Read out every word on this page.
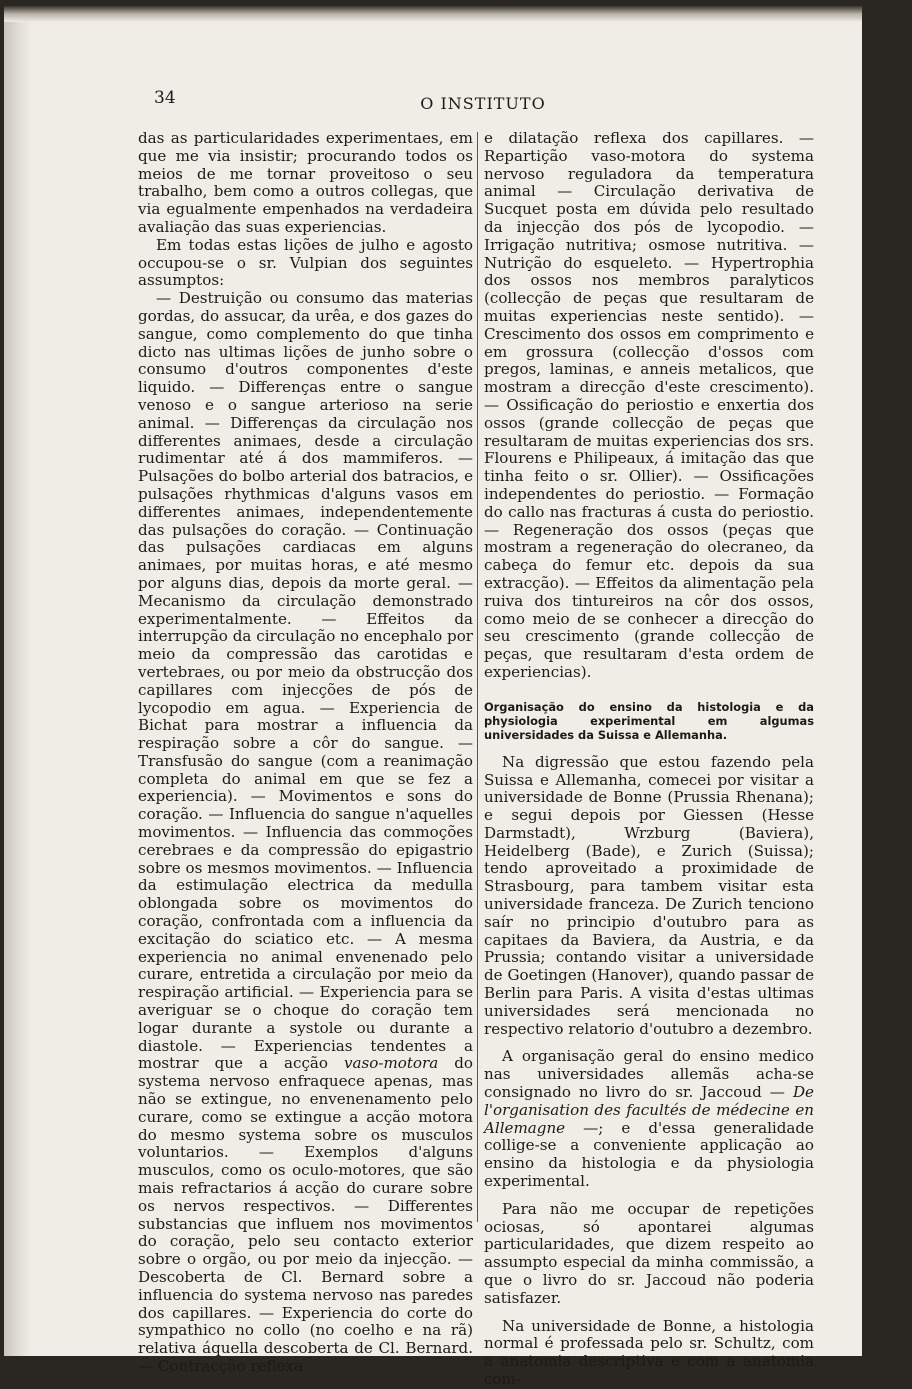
34	O INSTITUTO

das as particularidades experimentaes, em que me via insistir; procurando todos os meios de me tornar proveitoso o seu trabalho, bem como a outros collegas, que via egualmente empenhados na verdadeira avaliação das suas experiencias.

Em todas estas lições de julho e agosto occupou-se o sr. Vulpian dos seguintes assumptos:

— Destruição ou consumo das materias gordas, do assucar, da urêa, e dos gazes do sangue, como complemento do que tinha dicto nas ultimas lições de junho sobre o consumo d'outros componentes d'este liquido. — Differenças entre o sangue venoso e o sangue arterioso na serie animal. — Differenças da circulação nos differentes animaes, desde a circulação rudimentar até á dos mammiferos. — Pulsações do bolbo arterial dos batracios, e pulsações rhythmicas d'alguns vasos em differentes animaes, independentemente das pulsações do coração. — Continuação das pulsações cardiacas em alguns animaes, por muitas horas, e até mesmo por alguns dias, depois da morte geral. — Mecanismo da circulação demonstrado experimentalmente. — Effeitos da interrupção da circulação no encephalo por meio da compressão das carotidas e vertebraes, ou por meio da obstrucção dos capillares com injecções de pós de lycopodio em agua. — Experiencia de Bichat para mostrar a influencia da respiração sobre a côr do sangue. — Transfusão do sangue (com a reanimação completa do animal em que se fez a experiencia). — Movimentos e sons do coração. — Influencia do sangue n'aquelles movimentos. — Influencia das commoções cerebraes e da compressão do epigastrio sobre os mesmos movimentos. — Influencia da estimulação electrica da medulla oblongada sobre os movimentos do coração, confrontada com a influencia da excitação do sciatico etc. — A mesma experiencia no animal envenenado pelo curare, entretida a circulação por meio da respiração artificial. — Experiencia para se averiguar se o choque do coração tem logar durante a systole ou durante a diastole. — Experiencias tendentes a mostrar que a acção vaso-motora do systema nervoso enfraquece apenas, mas não se extingue, no envenenamento pelo curare, como se extingue a acção motora do mesmo systema sobre os musculos voluntarios. — Exemplos d'alguns musculos, como os oculo-motores, que são mais refractarios á acção do curare sobre os nervos respectivos. — Differentes substancias que influem nos movimentos do coração, pelo seu contacto exterior sobre o orgão, ou por meio da injecção. — Descoberta de Cl. Bernard sobre a influencia do systema nervoso nas paredes dos capillares. — Experiencia do corte do sympathico no collo (no coelho e na rã) relativa áquella descoberta de Cl. Bernard. — Contracção reflexa

e dilatação reflexa dos capillares. — Repartição vaso-motora do systema nervoso reguladora da temperatura animal — Circulação derivativa de Sucquet posta em dúvida pelo resultado da injecção dos pós de lycopodio. — Irrigação nutritiva; osmose nutritiva. — Nutrição do esqueleto. — Hypertrophia dos ossos nos membros paralyticos (collecção de peças que resultaram de muitas experiencias neste sentido). — Crescimento dos ossos em comprimento e em grossura (collecção d'ossos com pregos, laminas, e anneis metalicos, que mostram a direcção d'este crescimento). — Ossificação do periostio e enxertia dos ossos (grande collecção de peças que resultaram de muitas experiencias dos srs. Flourens e Philipeaux, á imitação das que tinha feito o sr. Ollier). — Ossificações independentes do periostio. — Formação do callo nas fracturas á custa do periostio. — Regeneração dos ossos (peças que mostram a regeneração do olecraneo, da cabeça do femur etc. depois da sua extracção). — Effeitos da alimentação pela ruiva dos tintureiros na côr dos ossos, como meio de se conhecer a direcção do seu crescimento (grande collecção de peças, que resultaram d'esta ordem de experiencias).

Organisação do ensino da histologia e da physiologia experimental em algumas universidades da Suissa e Allemanha.

Na digressão que estou fazendo pela Suissa e Allemanha, comecei por visitar a universidade de Bonne (Prussia Rhenana); e segui depois por Giessen (Hesse Darmstadt), Wrzburg (Baviera), Heidelberg (Bade), e Zurich (Suissa); tendo aproveitado a proximidade de Strasbourg, para tambem visitar esta universidade franceza. De Zurich tenciono saír no principio d'outubro para as capitaes da Baviera, da Austria, e da Prussia; contando visitar a universidade de Goetingen (Hanover), quando passar de Berlin para Paris. A visita d'estas ultimas universidades será mencionada no respectivo relatorio d'outubro a dezembro.

A organisação geral do ensino medico nas universidades allemãs acha-se consignado no livro do sr. Jaccoud — De l'organisation des facultés de médecine en Allemagne —; e d'essa generalidade collige-se a conveniente applicação ao ensino da histologia e da physiologia experimental.

Para não me occupar de repetições ociosas, só apontarei algumas particularidades, que dizem respeito ao assumpto especial da minha commissão, a que o livro do sr. Jaccoud não poderia satisfazer.

Na universidade de Bonne, a histologia normal é professada pelo sr. Schultz, com a anatomia descriptiva e com a anatomia com-
